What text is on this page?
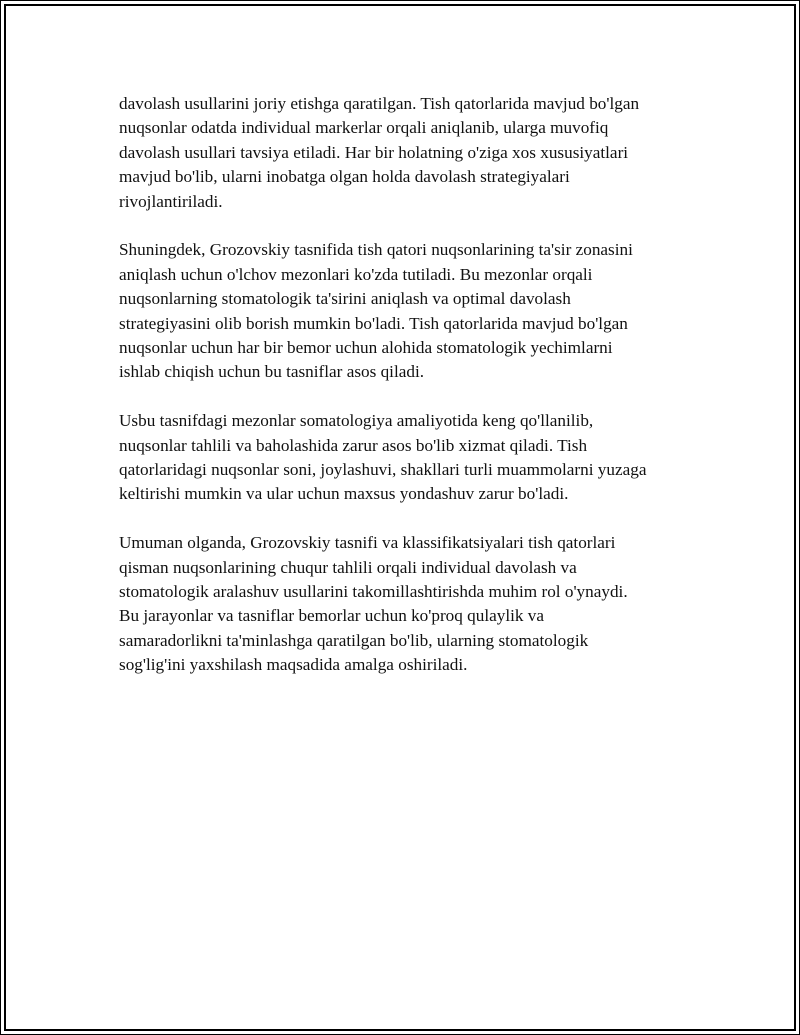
davolash usullarini joriy etishga qaratilgan. Tish qatorlarida mavjud bo'lgan
nuqsonlar odatda individual markerlar orqali aniqlanib, ularga muvofiq
davolash usullari tavsiya etiladi. Har bir holatning o'ziga xos xususiyatlari
mavjud bo'lib, ularni inobatga olgan holda davolash strategiyalari
rivojlantiriladi.

Shuningdek, Grozovskiy tasnifida tish qatori nuqsonlarining ta'sir zonasini
aniqlash uchun o'lchov mezonlari ko'zda tutiladi. Bu mezonlar orqali
nuqsonlarning stomatologik ta'sirini aniqlash va optimal davolash
strategiyasini olib borish mumkin bo'ladi. Tish qatorlarida mavjud bo'lgan
nuqsonlar uchun har bir bemor uchun alohida stomatologik yechimlarni
ishlab chiqish uchun bu tasniflar asos qiladi.

Usbu tasnifdagi mezonlar somatologiya amaliyotida keng qo'llanilib,
nuqsonlar tahlili va baholashida zarur asos bo'lib xizmat qiladi. Tish
qatorlaridagi nuqsonlar soni, joylashuvi, shakllari turli muammolarni yuzaga
keltirishi mumkin va ular uchun maxsus yondashuv zarur bo'ladi.

Umuman olganda, Grozovskiy tasnifi va klassifikatsiyalari tish qatorlari
qisman nuqsonlarining chuqur tahlili orqali individual davolash va
stomatologik aralashuv usullarini takomillashtirishda muhim rol o'ynaydi.
Bu jarayonlar va tasniflar bemorlar uchun ko'proq qulaylik va
samaradorlikni ta'minlashga qaratilgan bo'lib, ularning stomatologik
sog'lig'ini yaxshilash maqsadida amalga oshiriladi.
